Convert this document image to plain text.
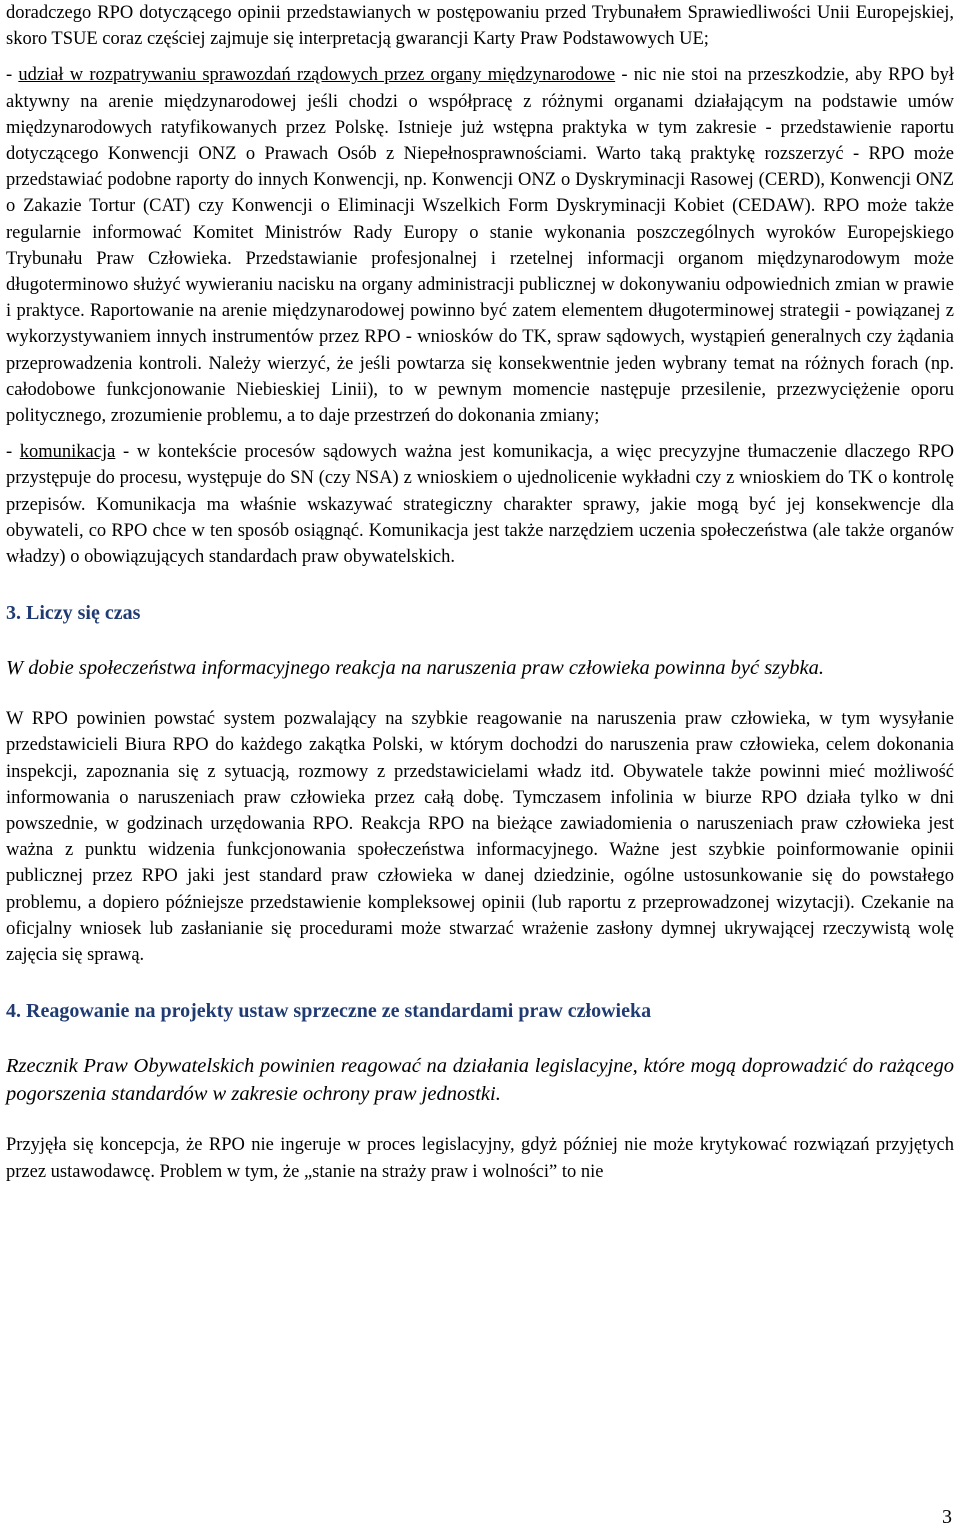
doradczego RPO dotyczącego opinii przedstawianych w postępowaniu przed Trybunałem Sprawiedliwości Unii Europejskiej, skoro TSUE coraz częściej zajmuje się interpretacją gwarancji Karty Praw Podstawowych UE;

- udział w rozpatrywaniu sprawozdań rządowych przez organy międzynarodowe - nic nie stoi na przeszkodzie, aby RPO był aktywny na arenie międzynarodowej jeśli chodzi o współpracę z różnymi organami działającym na podstawie umów międzynarodowych ratyfikowanych przez Polskę. Istnieje już wstępna praktyka w tym zakresie - przedstawienie raportu dotyczącego Konwencji ONZ o Prawach Osób z Niepełnosprawnościami. Warto taką praktykę rozszerzyć - RPO może przedstawiać podobne raporty do innych Konwencji, np. Konwencji ONZ o Dyskryminacji Rasowej (CERD), Konwencji ONZ o Zakazie Tortur (CAT) czy Konwencji o Eliminacji Wszelkich Form Dyskryminacji Kobiet (CEDAW). RPO może także regularnie informować Komitet Ministrów Rady Europy o stanie wykonania poszczególnych wyroków Europejskiego Trybunału Praw Człowieka. Przedstawianie profesjonalnej i rzetelnej informacji organom międzynarodowym może długoterminowo służyć wywieraniu nacisku na organy administracji publicznej w dokonywaniu odpowiednich zmian w prawie i praktyce. Raportowanie na arenie międzynarodowej powinno być zatem elementem długoterminowej strategii - powiązanej z wykorzystywaniem innych instrumentów przez RPO - wniosków do TK, spraw sądowych, wystąpień generalnych czy żądania przeprowadzenia kontroli. Należy wierzyć, że jeśli powtarza się konsekwentnie jeden wybrany temat na różnych forach (np. całodobowe funkcjonowanie Niebieskiej Linii), to w pewnym momencie następuje przesilenie, przezwyciężenie oporu politycznego, zrozumienie problemu, a to daje przestrzeń do dokonania zmiany;

- komunikacja - w kontekście procesów sądowych ważna jest komunikacja, a więc precyzyjne tłumaczenie dlaczego RPO przystępuje do procesu, występuje do SN (czy NSA) z wnioskiem o ujednolicenie wykładni czy z wnioskiem do TK o kontrolę przepisów. Komunikacja ma właśnie wskazywać strategiczny charakter sprawy, jakie mogą być jej konsekwencje dla obywateli, co RPO chce w ten sposób osiągnąć. Komunikacja jest także narzędziem uczenia społeczeństwa (ale także organów władzy) o obowiązujących standardach praw obywatelskich.

3. Liczy się czas

W dobie społeczeństwa informacyjnego reakcja na naruszenia praw człowieka powinna być szybka.

W RPO powinien powstać system pozwalający na szybkie reagowanie na naruszenia praw człowieka, w tym wysyłanie przedstawicieli Biura RPO do każdego zakątka Polski, w którym dochodzi do naruszenia praw człowieka, celem dokonania inspekcji, zapoznania się z sytuacją, rozmowy z przedstawicielami władz itd. Obywatele także powinni mieć możliwość informowania o naruszeniach praw człowieka przez całą dobę. Tymczasem infolinia w biurze RPO działa tylko w dni powszednie, w godzinach urzędowania RPO. Reakcja RPO na bieżące zawiadomienia o naruszeniach praw człowieka jest ważna z punktu widzenia funkcjonowania społeczeństwa informacyjnego. Ważne jest szybkie poinformowanie opinii publicznej przez RPO jaki jest standard praw człowieka w danej dziedzinie, ogólne ustosunkowanie się do powstałego problemu, a dopiero późniejsze przedstawienie kompleksowej opinii (lub raportu z przeprowadzonej wizytacji). Czekanie na oficjalny wniosek lub zasłanianie się procedurami może stwarzać wrażenie zasłony dymnej ukrywającej rzeczywistą wolę zajęcia się sprawą.

4. Reagowanie na projekty ustaw sprzeczne ze standardami praw człowieka

Rzecznik Praw Obywatelskich powinien reagować na działania legislacyjne, które mogą doprowadzić do rażącego pogorszenia standardów w zakresie ochrony praw jednostki.

Przyjęła się koncepcja, że RPO nie ingeruje w proces legislacyjny, gdyż później nie może krytykować rozwiązań przyjętych przez ustawodawcę. Problem w tym, że „stanie na straży praw i wolności” to nie

3
